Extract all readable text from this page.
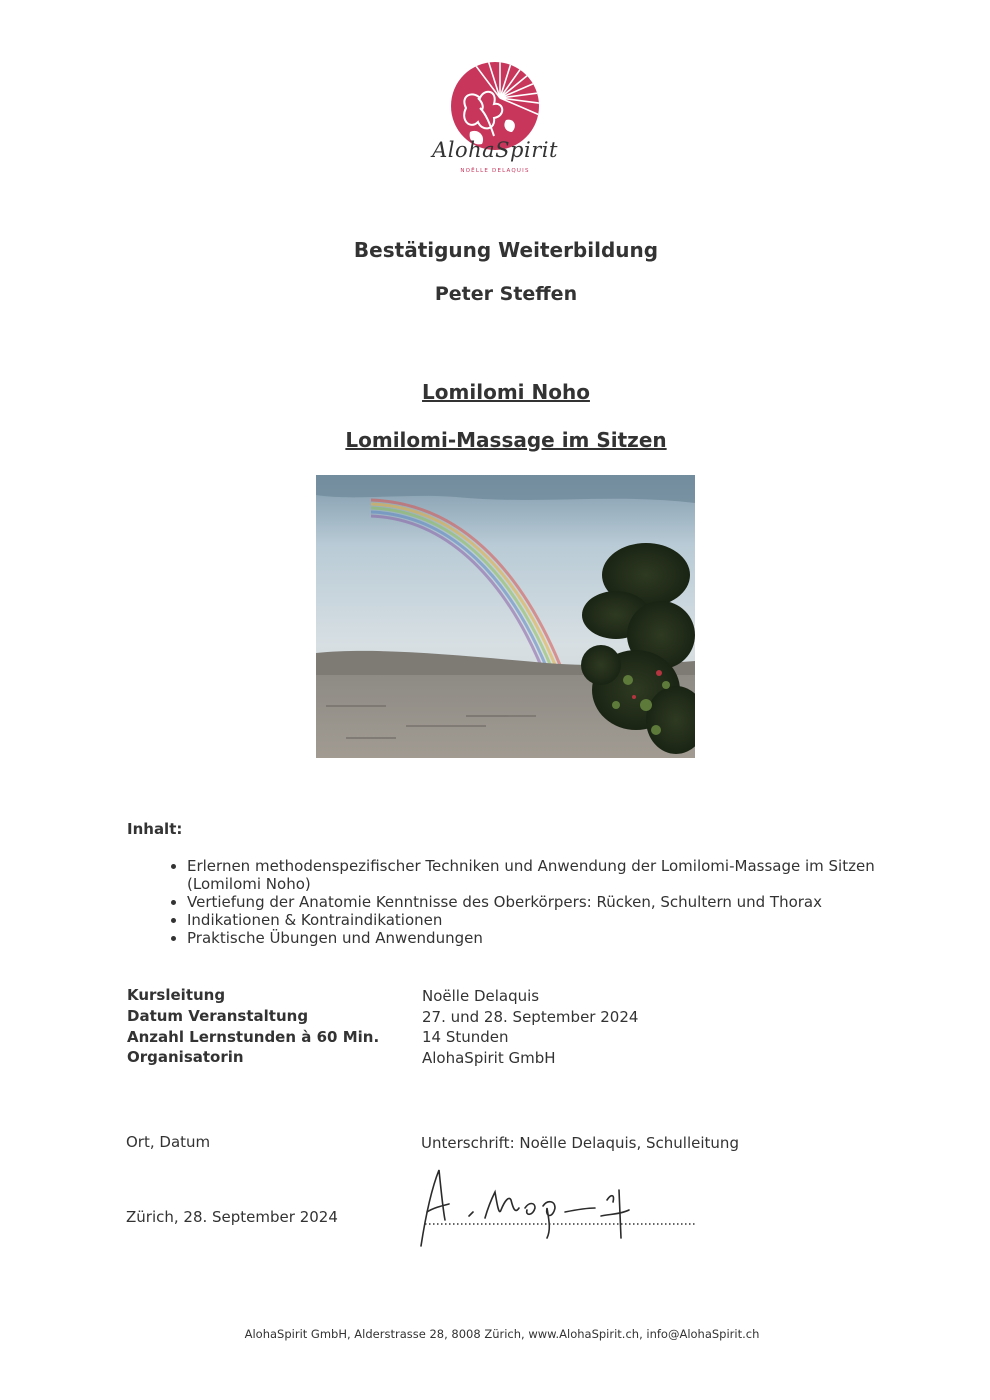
AlohaSpirit
NOËLLE DELAQUIS
Bestätigung Weiterbildung
Peter Steffen
Lomilomi Noho
Lomilomi-Massage im Sitzen
Inhalt:
• Erlernen methodenspezifischer Techniken und Anwendung der Lomilomi-Massage im Sitzen (Lomilomi Noho)
• Vertiefung der Anatomie Kenntnisse des Oberkörpers: Rücken, Schultern und Thorax
• Indikationen & Kontraindikationen
• Praktische Übungen und Anwendungen
Kursleitung	Noëlle Delaquis
Datum Veranstaltung	27. und 28. September 2024
Anzahl Lernstunden à 60 Min.	14 Stunden
Organisatorin	AlohaSpirit GmbH
Ort, Datum	Unterschrift: Noëlle Delaquis, Schulleitung
Zürich, 28. September 2024
AlohaSpirit GmbH, Alderstrasse 28, 8008 Zürich, www.AlohaSpirit.ch, info@AlohaSpirit.ch
